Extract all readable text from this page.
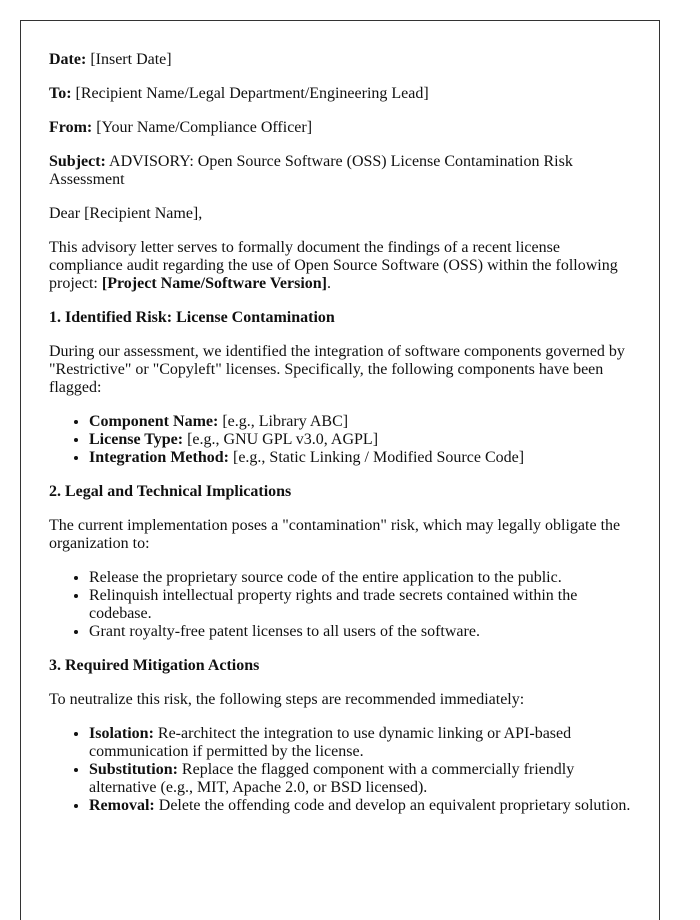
Date: [Insert Date]

To: [Recipient Name/Legal Department/Engineering Lead]

From: [Your Name/Compliance Officer]

Subject: ADVISORY: Open Source Software (OSS) License Contamination Risk Assessment

Dear [Recipient Name],

This advisory letter serves to formally document the findings of a recent license compliance audit regarding the use of Open Source Software (OSS) within the following project: [Project Name/Software Version].

1. Identified Risk: License Contamination

During our assessment, we identified the integration of software components governed by "Restrictive" or "Copyleft" licenses. Specifically, the following components have been flagged:

• Component Name: [e.g., Library ABC]
• License Type: [e.g., GNU GPL v3.0, AGPL]
• Integration Method: [e.g., Static Linking / Modified Source Code]
2. Legal and Technical Implications

The current implementation poses a "contamination" risk, which may legally obligate the organization to:

• Release the proprietary source code of the entire application to the public.
• Relinquish intellectual property rights and trade secrets contained within the codebase.
• Grant royalty-free patent licenses to all users of the software.
3. Required Mitigation Actions

To neutralize this risk, the following steps are recommended immediately:

• Isolation: Re-architect the integration to use dynamic linking or API-based communication if permitted by the license.
• Substitution: Replace the flagged component with a commercially friendly alternative (e.g., MIT, Apache 2.0, or BSD licensed).
• Removal: Delete the offending code and develop an equivalent proprietary solution.
